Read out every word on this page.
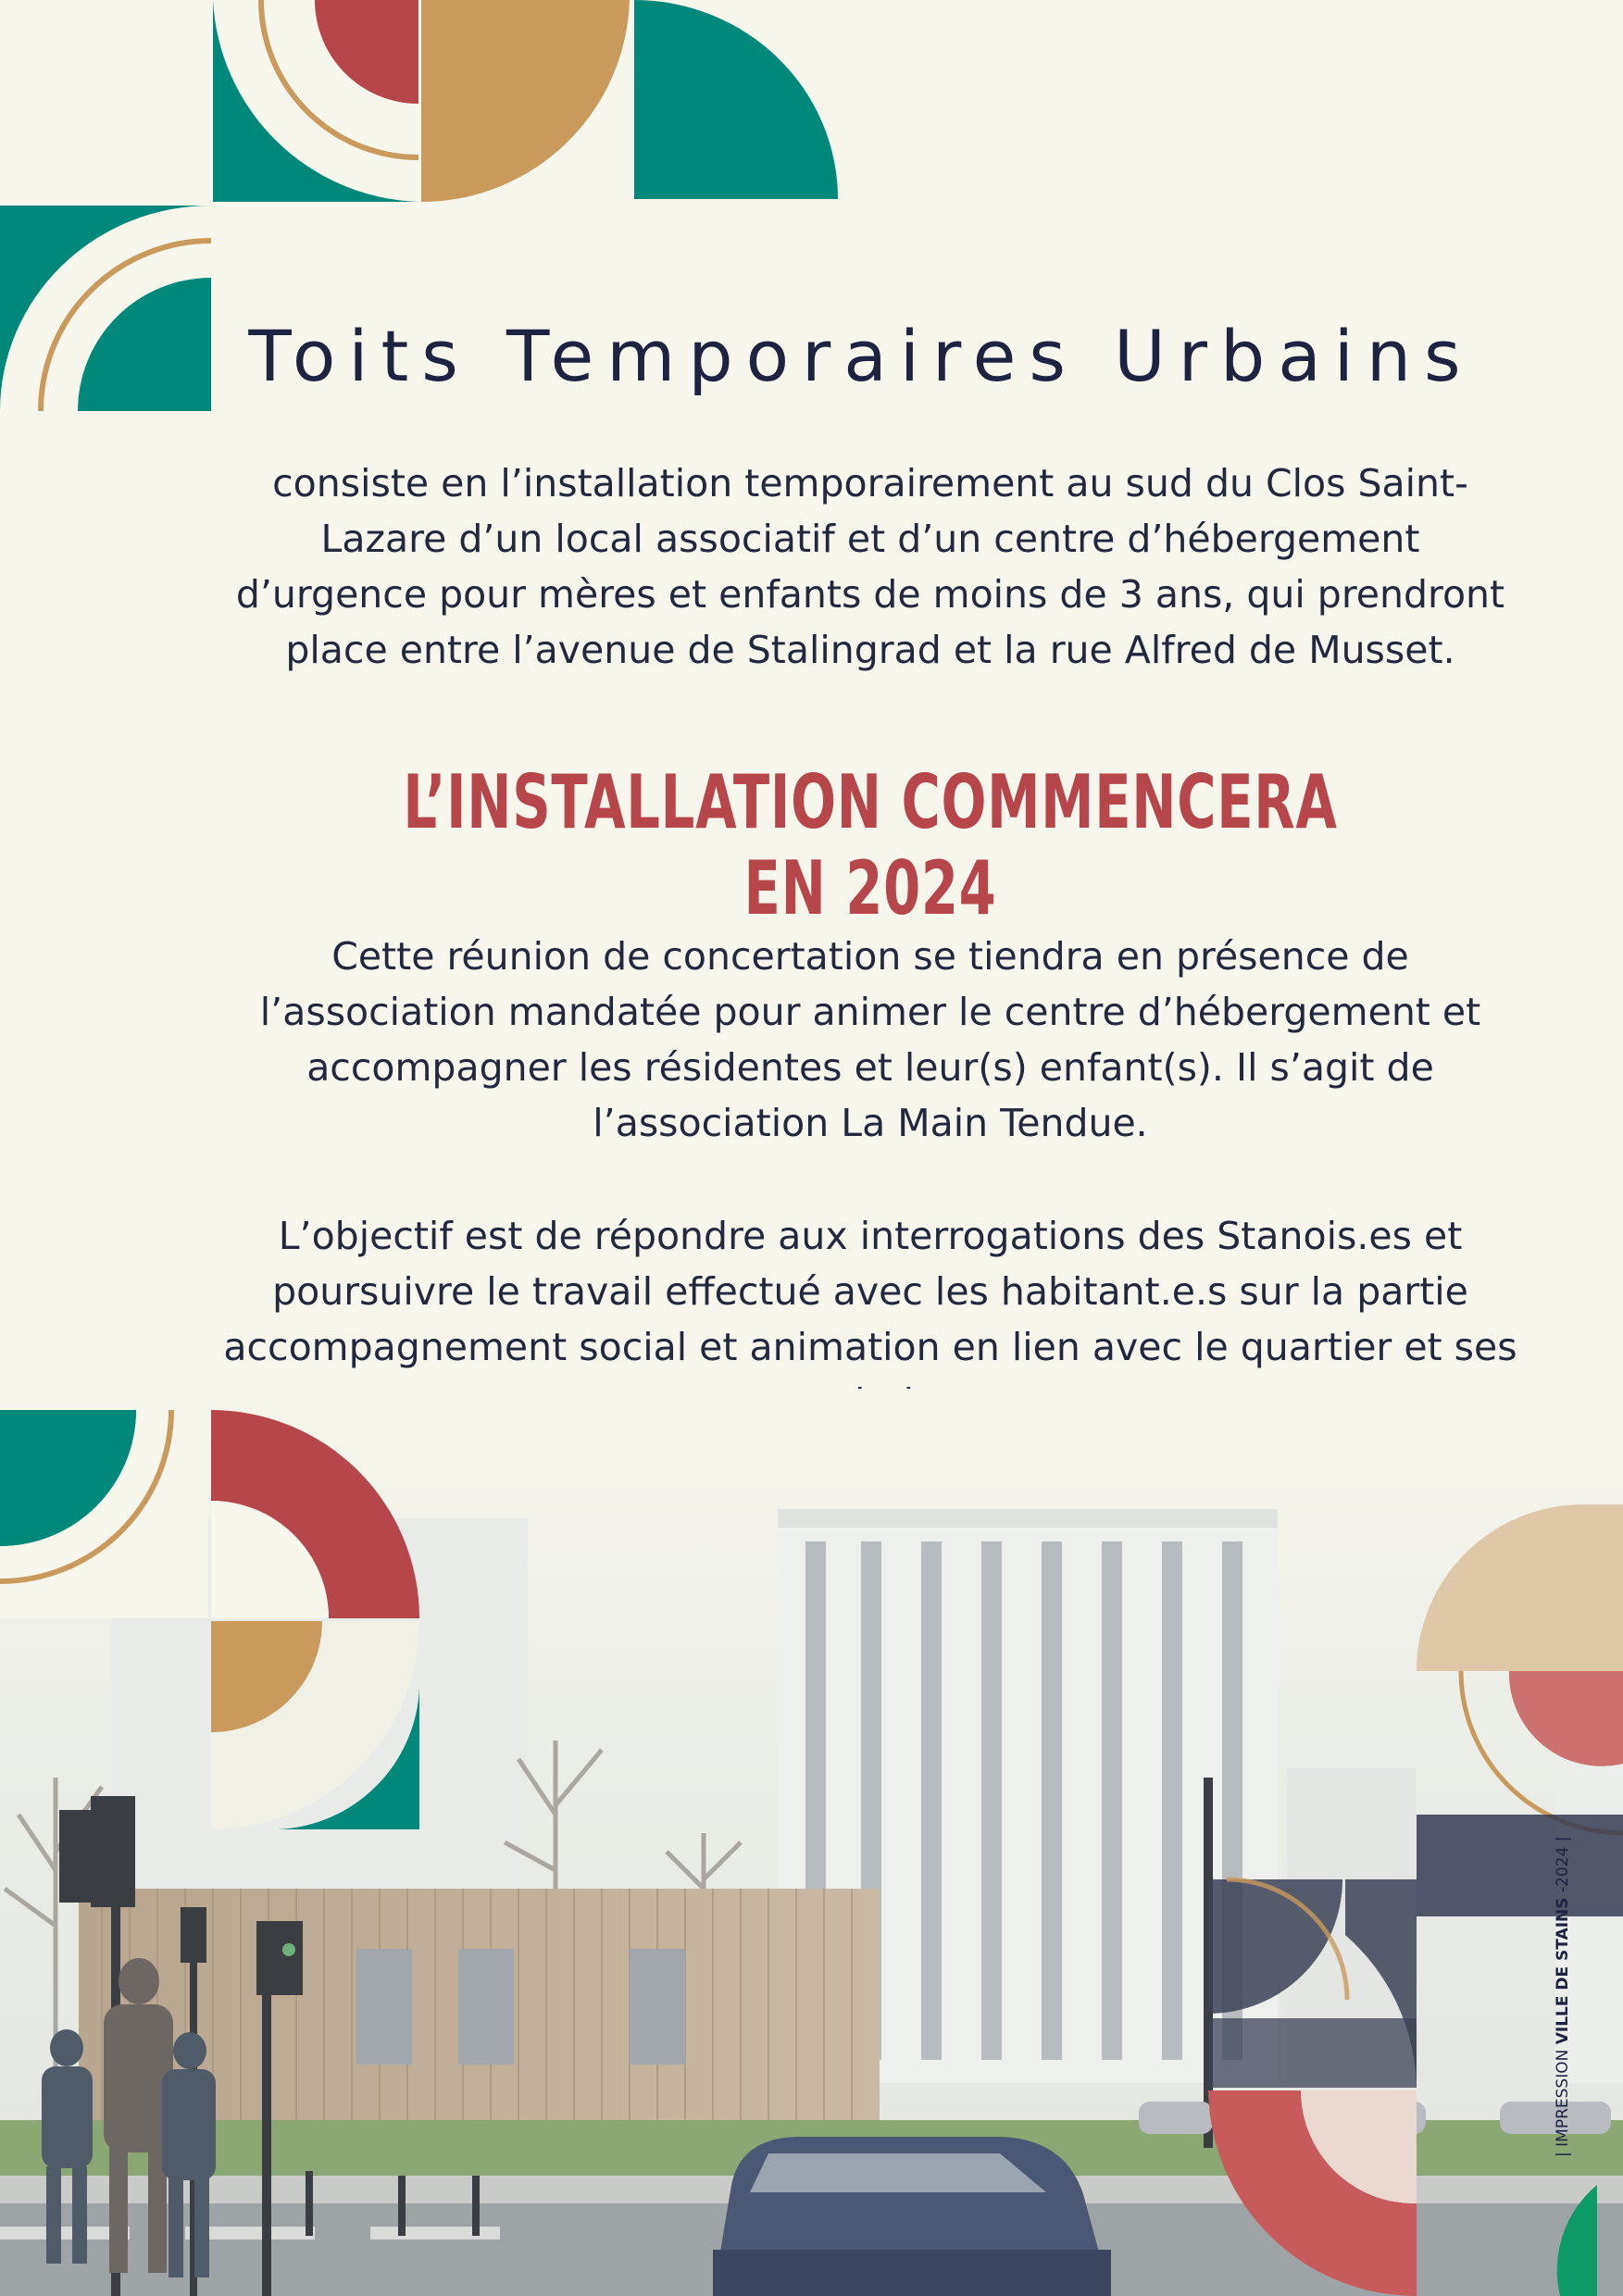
Toits Temporaires Urbains
consiste en l’installation temporairement au sud du Clos Saint-Lazare d’un local associatif et d’un centre d’hébergement d’urgence pour mères et enfants de moins de 3 ans, qui prendront place entre l’avenue de Stalingrad et la rue Alfred de Musset.
L’INSTALLATION COMMENCERA EN 2024
Cette réunion de concertation se tiendra en présence de l’association mandatée pour animer le centre d’hébergement et accompagner les résidentes et leur(s) enfant(s). Il s’agit de l’association La Main Tendue.
L’objectif est de répondre aux interrogations des Stanois.es et poursuivre le travail effectué avec les habitant.e.s sur la partie accompagnement social et animation en lien avec le quartier et ses
| IMPRESSION VILLE DE STAINS -2024 |
